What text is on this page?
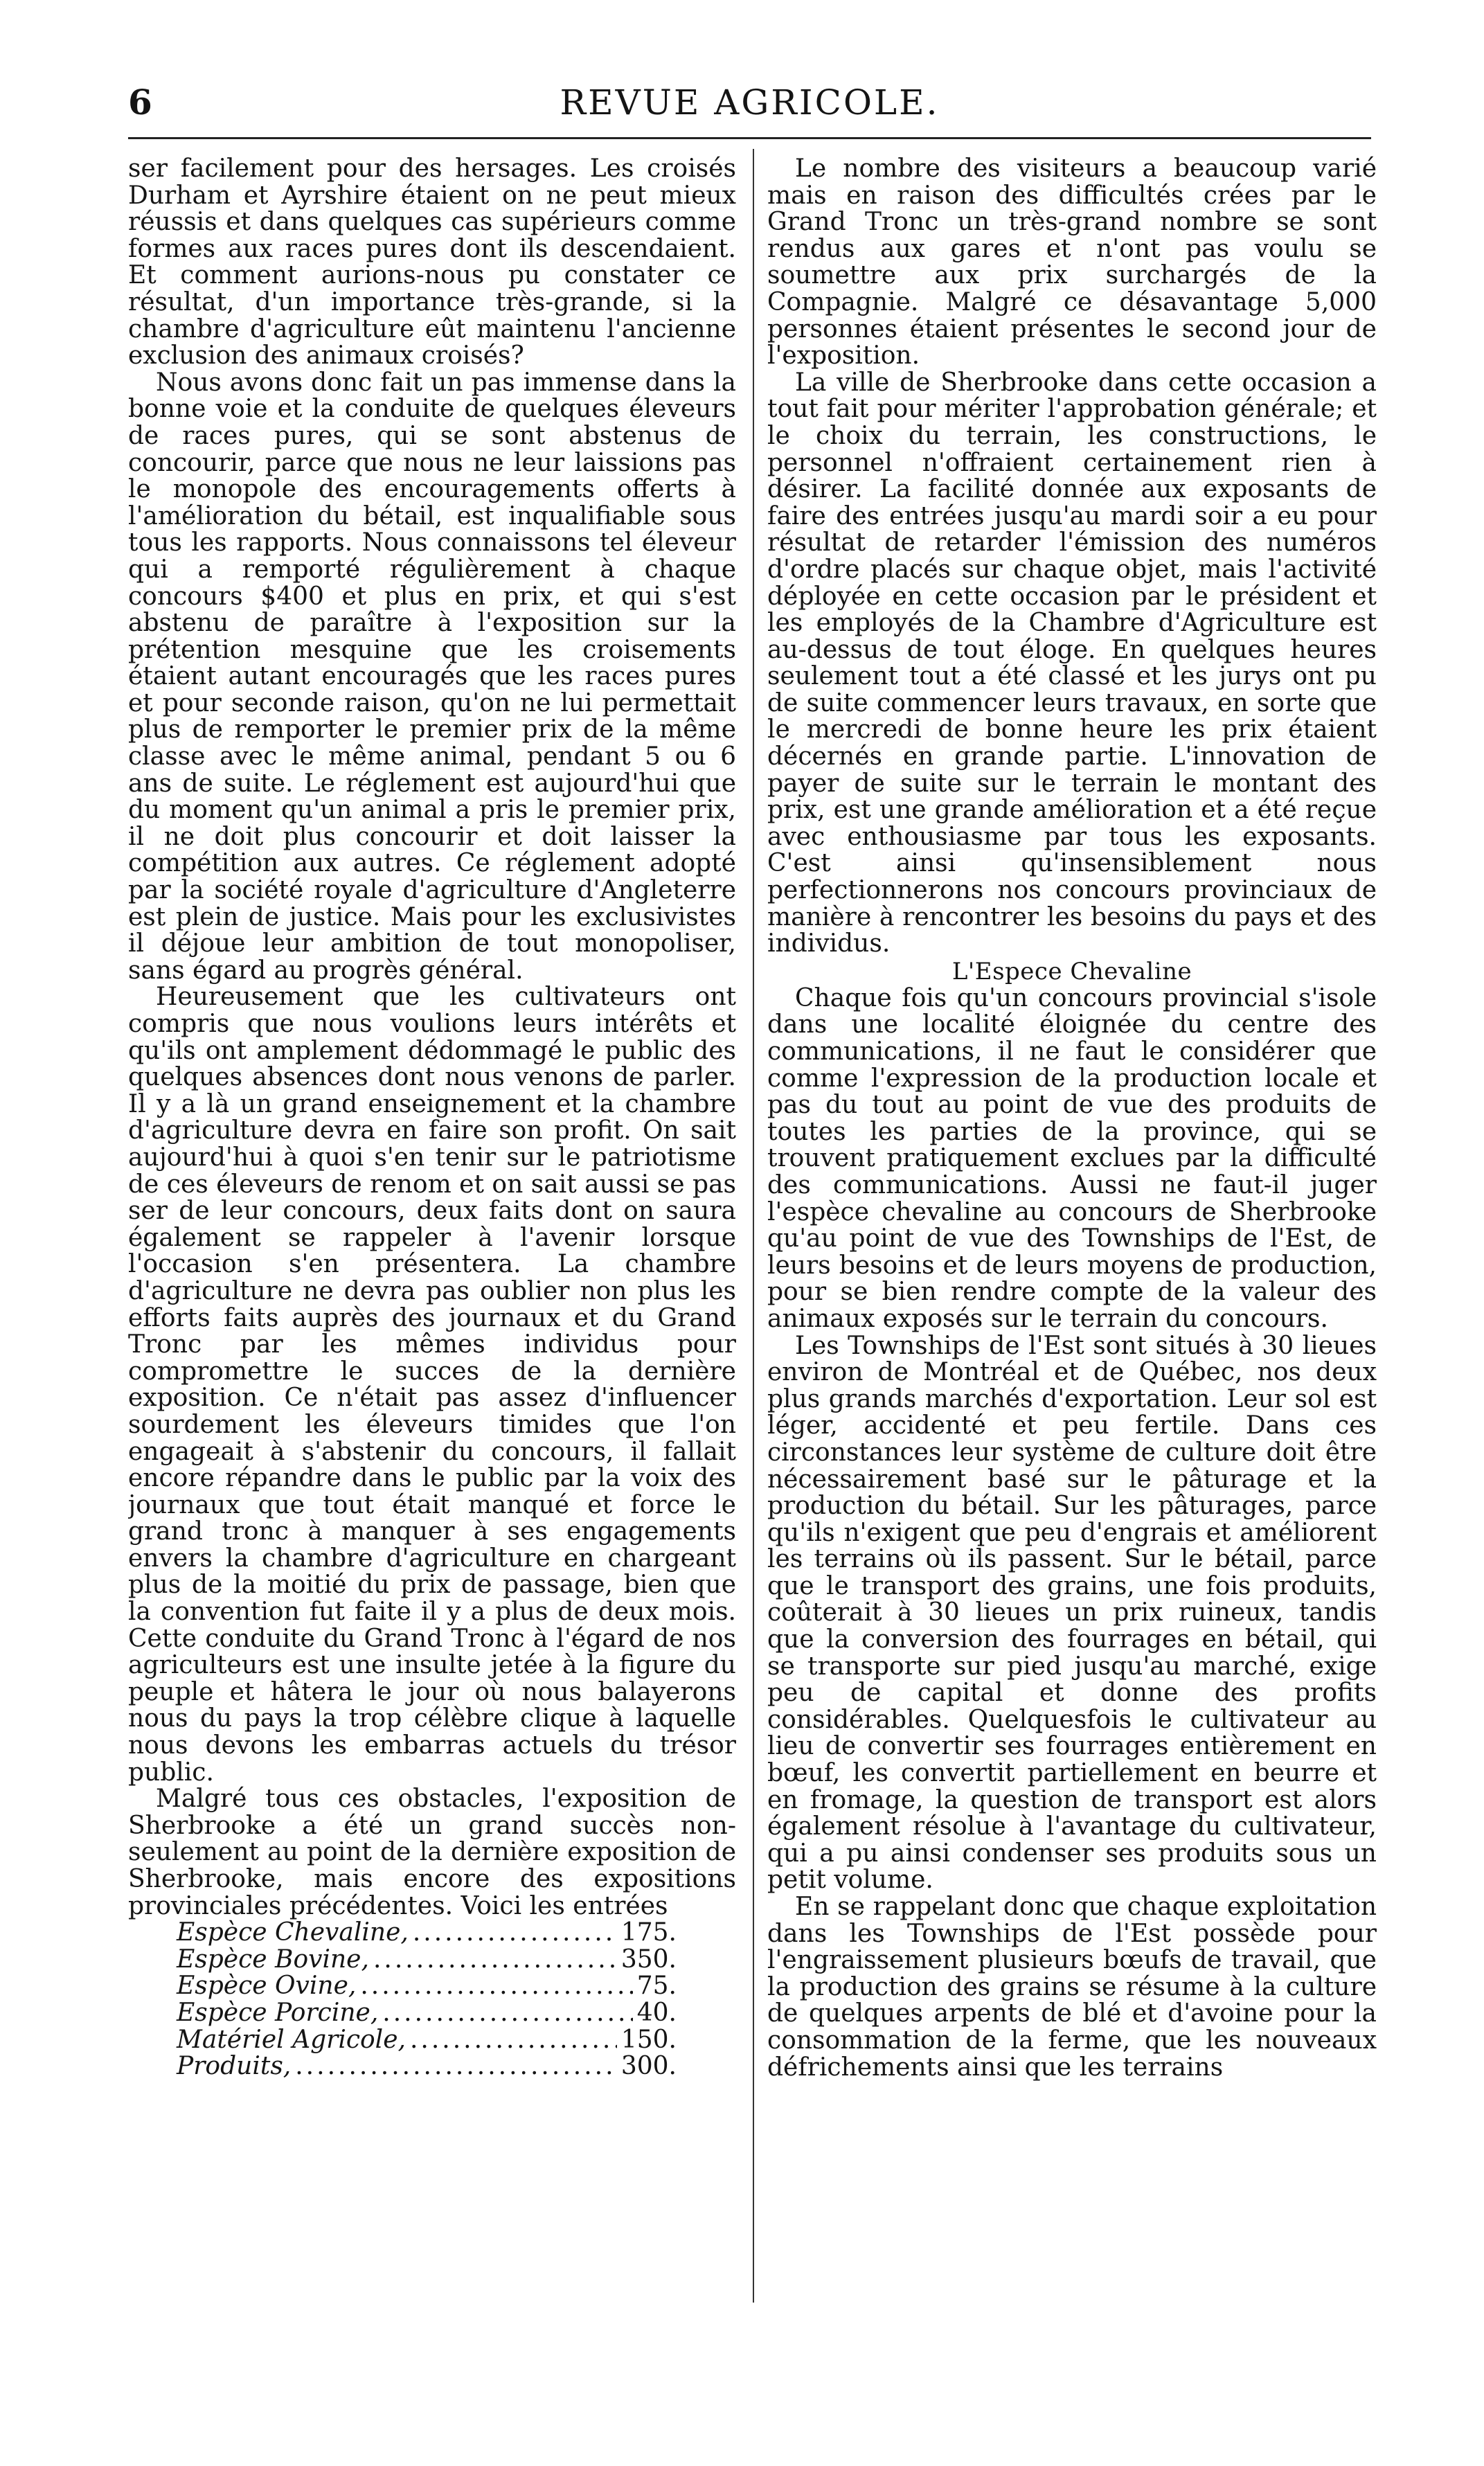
6	REVUE AGRICOLE.

ser facilement pour des hersages. Les croisés Durham et Ayrshire étaient on ne peut mieux réussis et dans quelques cas supérieurs comme formes aux races pures dont ils descendaient. Et comment aurions-nous pu constater ce résultat, d'un importance très-grande, si la chambre d'agriculture eût maintenu l'ancienne exclusion des animaux croisés?

Nous avons donc fait un pas immense dans la bonne voie et la conduite de quelques éleveurs de races pures, qui se sont abstenus de concourir, parce que nous ne leur laissions pas le monopole des encouragements offerts à l'amélioration du bétail, est inqualifiable sous tous les rapports. Nous connaissons tel éleveur qui a remporté régulièrement à chaque concours $400 et plus en prix, et qui s'est abstenu de paraître à l'exposition sur la prétention mesquine que les croisements étaient autant encouragés que les races pures et pour seconde raison, qu'on ne lui permettait plus de remporter le premier prix de la même classe avec le même animal, pendant 5 ou 6 ans de suite. Le réglement est aujourd'hui que du moment qu'un animal a pris le premier prix, il ne doit plus concourir et doit laisser la compétition aux autres. Ce réglement adopté par la société royale d'agriculture d'Angleterre est plein de justice. Mais pour les exclusivistes il déjoue leur ambition de tout monopoliser, sans égard au progrès général.

Heureusement que les cultivateurs ont compris que nous voulions leurs intérêts et qu'ils ont amplement dédommagé le public des quelques absences dont nous venons de parler. Il y a là un grand enseignement et la chambre d'agriculture devra en faire son profit. On sait aujourd'hui à quoi s'en tenir sur le patriotisme de ces éleveurs de renom et on sait aussi se pas ser de leur concours, deux faits dont on saura également se rappeler à l'avenir lorsque l'occasion s'en présentera. La chambre d'agriculture ne devra pas oublier non plus les efforts faits auprès des journaux et du Grand Tronc par les mêmes individus pour compromettre le succes de la dernière exposition. Ce n'était pas assez d'influencer sourdement les éleveurs timides que l'on engageait à s'abstenir du concours, il fallait encore répandre dans le public par la voix des journaux que tout était manqué et force le grand tronc à manquer à ses engagements envers la chambre d'agriculture en chargeant plus de la moitié du prix de passage, bien que la convention fut faite il y a plus de deux mois. Cette conduite du Grand Tronc à l'égard de nos agriculteurs est une insulte jetée à la figure du peuple et hâtera le jour où nous balayerons nous du pays la trop célèbre clique à laquelle nous devons les embarras actuels du trésor public.

Malgré tous ces obstacles, l'exposition de Sherbrooke a été un grand succès non-seulement au point de la dernière exposition de Sherbrooke, mais encore des expositions provinciales précédentes. Voici les entrées

Espèce Chevaline, .....	175.
Espèce Bovine, .....	350.
Espèce Ovine, .....	75.
Espèce Porcine, .....	40.
Matériel Agricole, .....	150.
Produits, .....	300.

Le nombre des visiteurs a beaucoup varié mais en raison des difficultés crées par le Grand Tronc un très-grand nombre se sont rendus aux gares et n'ont pas voulu se soumettre aux prix surchargés de la Compagnie. Malgré ce désavantage 5,000 personnes étaient présentes le second jour de l'exposition.

La ville de Sherbrooke dans cette occasion a tout fait pour mériter l'approbation générale; et le choix du terrain, les constructions, le personnel n'offraient certainement rien à désirer. La facilité donnée aux exposants de faire des entrées jusqu'au mardi soir a eu pour résultat de retarder l'émission des numéros d'ordre placés sur chaque objet, mais l'activité déployée en cette occasion par le président et les employés de la Chambre d'Agriculture est au-dessus de tout éloge. En quelques heures seulement tout a été classé et les jurys ont pu de suite commencer leurs travaux, en sorte que le mercredi de bonne heure les prix étaient décernés en grande partie. L'innovation de payer de suite sur le terrain le montant des prix, est une grande amélioration et a été reçue avec enthousiasme par tous les exposants. C'est ainsi qu'insensiblement nous perfectionnerons nos concours provinciaux de manière à rencontrer les besoins du pays et des individus.

L'Espece Chevaline

Chaque fois qu'un concours provincial s'isole dans une localité éloignée du centre des communications, il ne faut le considérer que comme l'expression de la production locale et pas du tout au point de vue des produits de toutes les parties de la province, qui se trouvent pratiquement exclues par la difficulté des communications. Aussi ne faut-il juger l'espèce chevaline au concours de Sherbrooke qu'au point de vue des Townships de l'Est, de leurs besoins et de leurs moyens de production, pour se bien rendre compte de la valeur des animaux exposés sur le terrain du concours.

Les Townships de l'Est sont situés à 30 lieues environ de Montréal et de Québec, nos deux plus grands marchés d'exportation. Leur sol est léger, accidenté et peu fertile. Dans ces circonstances leur système de culture doit être nécessairement basé sur le pâturage et la production du bétail. Sur les pâturages, parce qu'ils n'exigent que peu d'engrais et améliorent les terrains où ils passent. Sur le bétail, parce que le transport des grains, une fois produits, coûterait à 30 lieues un prix ruineux, tandis que la conversion des fourrages en bétail, qui se transporte sur pied jusqu'au marché, exige peu de capital et donne des profits considérables. Quelquesfois le cultivateur au lieu de convertir ses fourrages entièrement en bœuf, les convertit partiellement en beurre et en fromage, la question de transport est alors également résolue à l'avantage du cultivateur, qui a pu ainsi condenser ses produits sous un petit volume.

En se rappelant donc que chaque exploitation dans les Townships de l'Est possède pour l'engraissement plusieurs bœufs de travail, que la production des grains se résume à la culture de quelques arpents de blé et d'avoine pour la consommation de la ferme, que les nouveaux défrichements ainsi que les terrains
